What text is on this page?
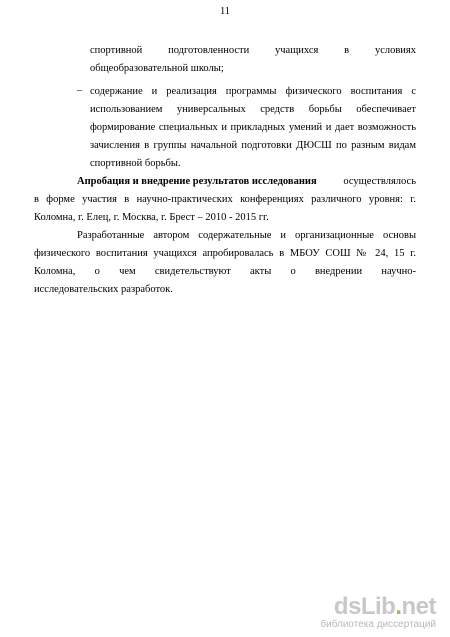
11
спортивной подготовленности учащихся в условиях
общеобразовательной школы;
– содержание и реализация программы физического воспитания с
использованием универсальных средств борьбы обеспечивает
формирование специальных и прикладных умений и дает возможность
зачисления в группы начальной подготовки ДЮСШ по разным видам
спортивной борьбы.
Апробация и внедрение результатов исследования	осуществлялось
в форме участия в научно-практических конференциях различного уровня: г.
Коломна, г. Елец, г. Москва, г. Брест – 2010 - 2015 гг.
Разработанные автором содержательные и организационные основы
физического воспитания учащихся апробировалась в МБОУ СОШ № 24, 15 г.
Коломна, о чем свидетельствуют акты о внедрении научно-
исследовательских разработок.
dsLib.net
библиотека диссертаций
